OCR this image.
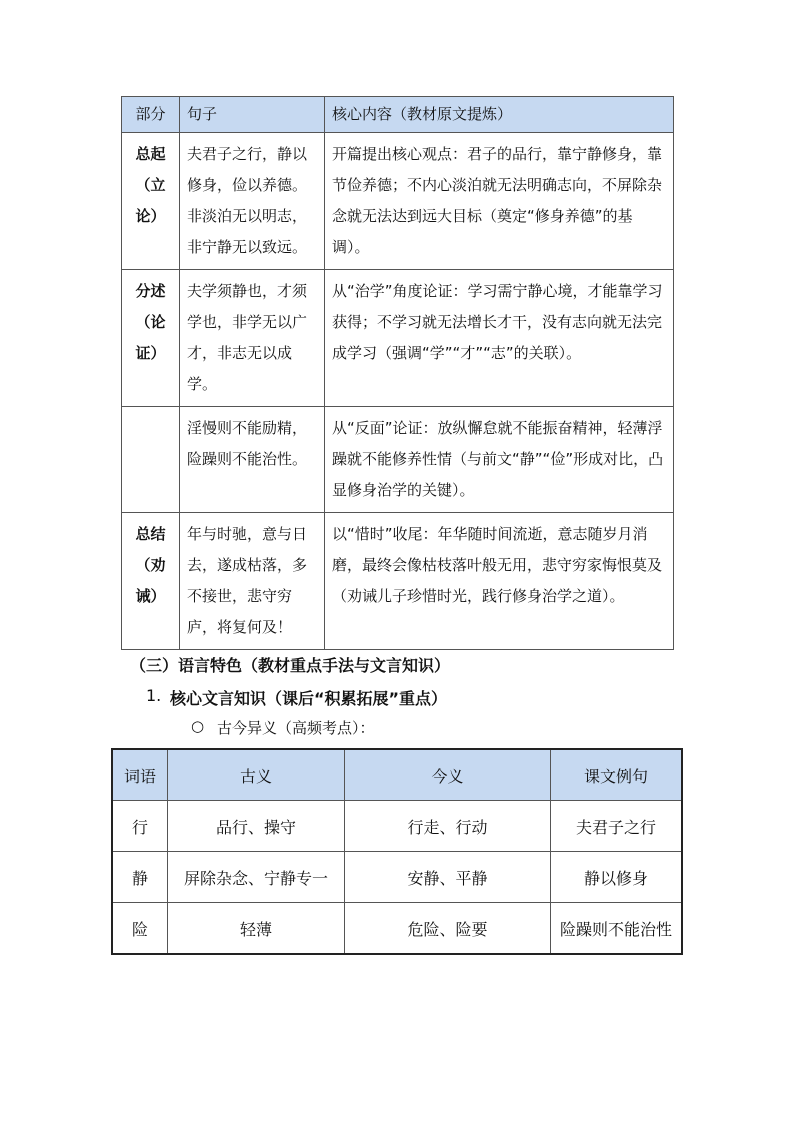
部分	句子	核心内容（教材原文提炼）
总起
（立
论）	夫君子之行，静以修身，俭以养德。非淡泊无以明志，非宁静无以致远。	开篇提出核心观点：君子的品行，靠宁静修身，靠节俭养德；不内心淡泊就无法明确志向，不屏除杂念就无法达到远大目标（奠定“修身养德”的基调）。
分述
（论
证）	夫学须静也，才须学也，非学无以广才，非志无以成学。	从“治学”角度论证：学习需宁静心境，才能靠学习获得；不学习就无法增长才干，没有志向就无法完成学习（强调“学”“才”“志”的关联）。
	淫慢则不能励精，险躁则不能治性。	从“反面”论证：放纵懈怠就不能振奋精神，轻薄浮躁就不能修养性情（与前文“静”“俭”形成对比，凸显修身治学的关键）。
总结
（劝
诫）	年与时驰，意与日去，遂成枯落，多不接世，悲守穷庐，将复何及！	以“惜时”收尾：年华随时间流逝，意志随岁月消磨，最终会像枯枝落叶般无用，悲守穷家悔恨莫及（劝诫儿子珍惜时光，践行修身治学之道）。
（三）语言特色（教材重点手法与文言知识）
1. 核心文言知识（课后“积累拓展”重点）
○ 古今异义（高频考点）：
词语	古义	今义	课文例句
行	品行、操守	行走、行动	夫君子之行
静	屏除杂念、宁静专一	安静、平静	静以修身
险	轻薄	危险、险要	险躁则不能治性
